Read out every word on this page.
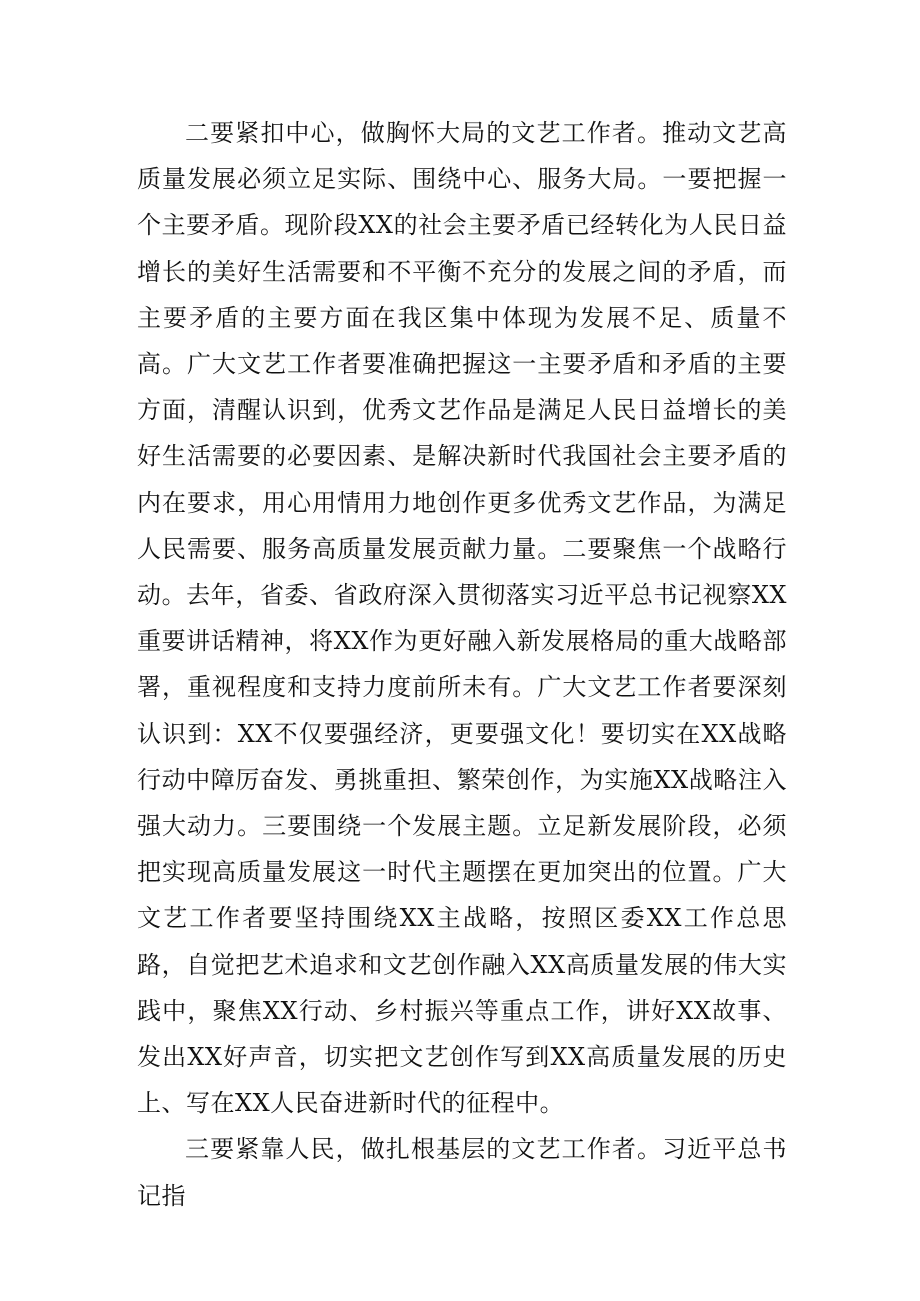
二要紧扣中心，做胸怀大局的文艺工作者。推动文艺高质量发展必须立足实际、围绕中心、服务大局。一要把握一个主要矛盾。现阶段XX的社会主要矛盾已经转化为人民日益增长的美好生活需要和不平衡不充分的发展之间的矛盾，而主要矛盾的主要方面在我区集中体现为发展不足、质量不高。广大文艺工作者要准确把握这一主要矛盾和矛盾的主要方面，清醒认识到，优秀文艺作品是满足人民日益增长的美好生活需要的必要因素、是解决新时代我国社会主要矛盾的内在要求，用心用情用力地创作更多优秀文艺作品，为满足人民需要、服务高质量发展贡献力量。二要聚焦一个战略行动。去年，省委、省政府深入贯彻落实习近平总书记视察XX重要讲话精神，将XX作为更好融入新发展格局的重大战略部署，重视程度和支持力度前所未有。广大文艺工作者要深刻认识到：XX不仅要强经济，更要强文化！要切实在XX战略行动中障厉奋发、勇挑重担、繁荣创作，为实施XX战略注入强大动力。三要围绕一个发展主题。立足新发展阶段，必须把实现高质量发展这一时代主题摆在更加突出的位置。广大文艺工作者要坚持围绕XX主战略，按照区委XX工作总思路，自觉把艺术追求和文艺创作融入XX高质量发展的伟大实践中，聚焦XX行动、乡村振兴等重点工作，讲好XX故事、发出XX好声音，切实把文艺创作写到XX高质量发展的历史上、写在XX人民奋进新时代的征程中。

三要紧靠人民，做扎根基层的文艺工作者。习近平总书记指
